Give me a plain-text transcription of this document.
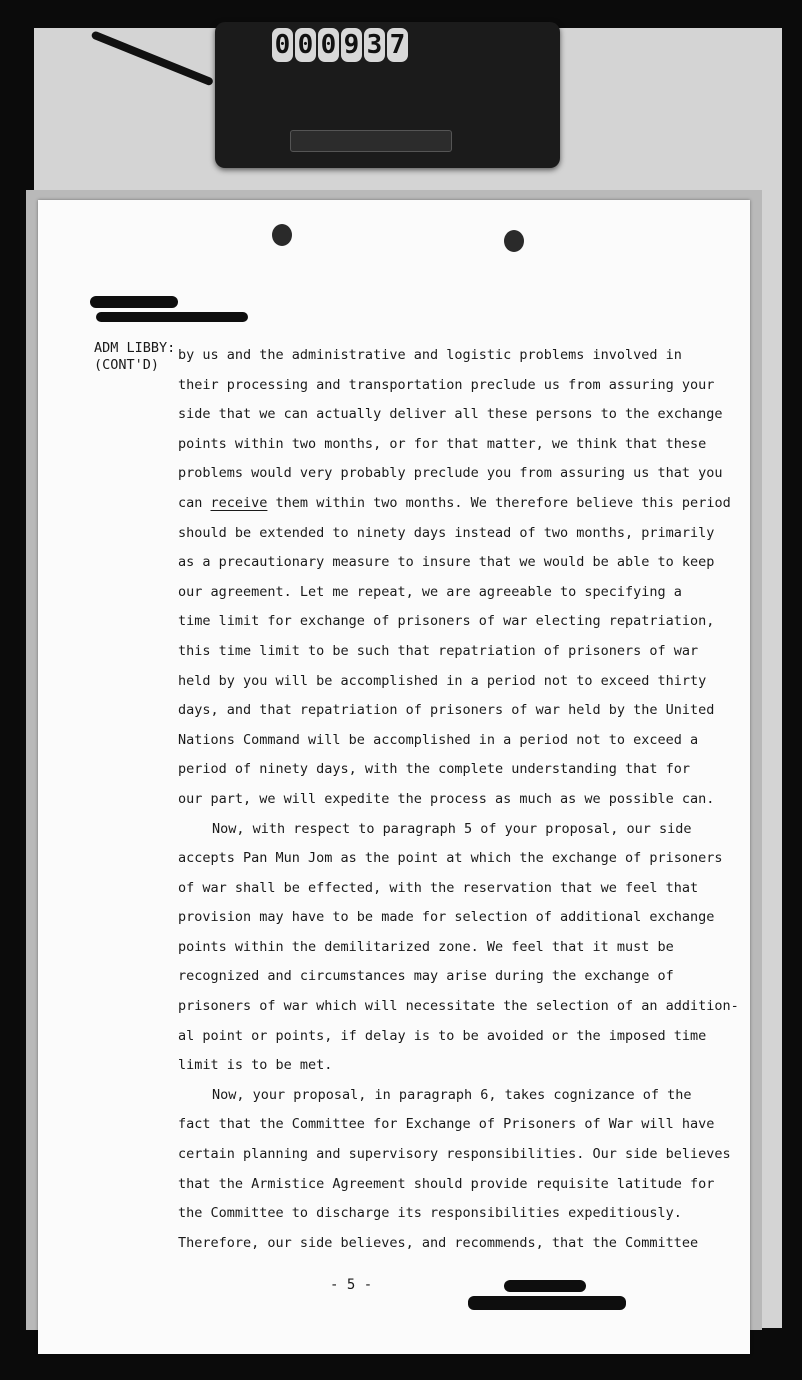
0 0 0 9 3 7
ADM LIBBY:
(CONT'D)
by us and the administrative and logistic problems involved in
their processing and transportation preclude us from assuring your
side that we can actually deliver all these persons to the exchange
points within two months, or for that matter, we think that these
problems would very probably preclude you from assuring us that you
can receive them within two months. We therefore believe this period
should be extended to ninety days instead of two months, primarily
as a precautionary measure to insure that we would be able to keep
our agreement. Let me repeat, we are agreeable to specifying a
time limit for exchange of prisoners of war electing repatriation,
this time limit to be such that repatriation of prisoners of war
held by you will be accomplished in a period not to exceed thirty
days, and that repatriation of prisoners of war held by the United
Nations Command will be accomplished in a period not to exceed a
period of ninety days, with the complete understanding that for
our part, we will expedite the process as much as we possible can.
Now, with respect to paragraph 5 of your proposal, our side
accepts Pan Mun Jom as the point at which the exchange of prisoners
of war shall be effected, with the reservation that we feel that
provision may have to be made for selection of additional exchange
points within the demilitarized zone. We feel that it must be
recognized and circumstances may arise during the exchange of
prisoners of war which will necessitate the selection of an addition-
al point or points, if delay is to be avoided or the imposed time
limit is to be met.
Now, your proposal, in paragraph 6, takes cognizance of the
fact that the Committee for Exchange of Prisoners of War will have
certain planning and supervisory responsibilities. Our side believes
that the Armistice Agreement should provide requisite latitude for
the Committee to discharge its responsibilities expeditiously.
Therefore, our side believes, and recommends, that the Committee
- 5 -
